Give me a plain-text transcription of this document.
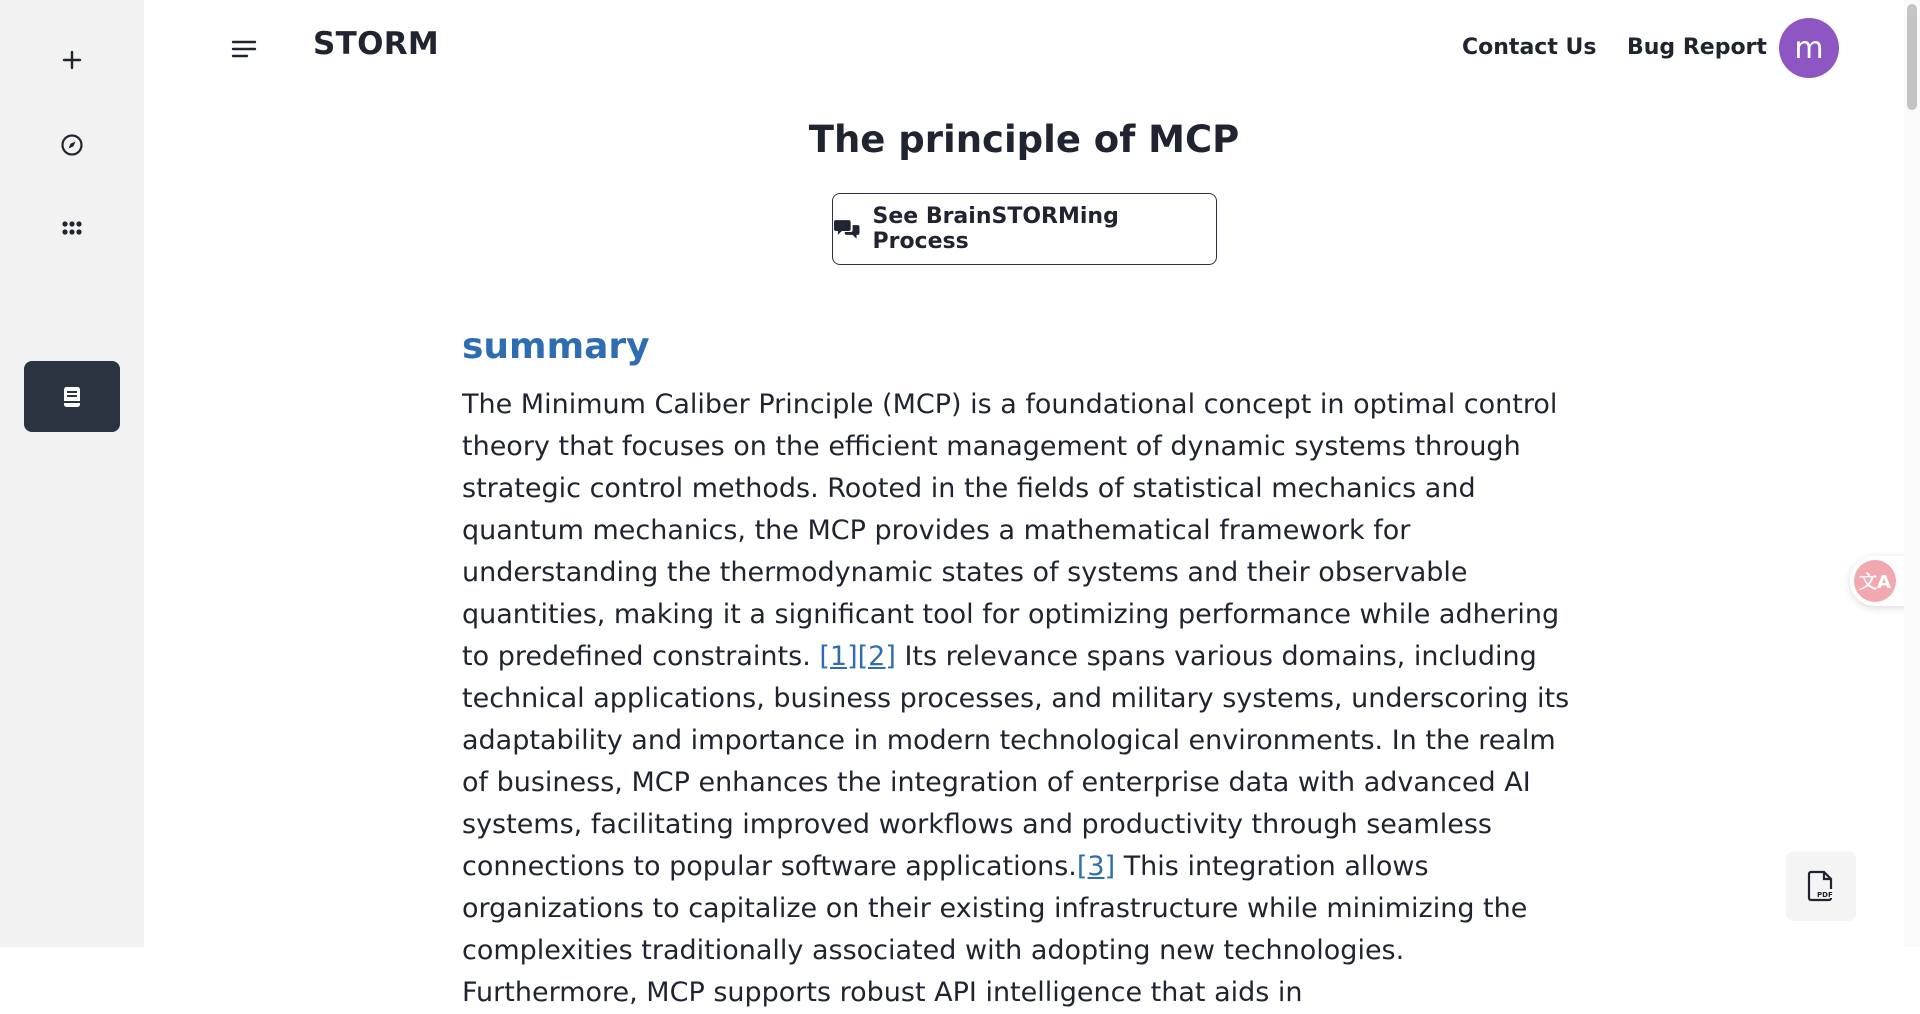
STORM	Contact Us Bug Report m
The principle of MCP
See BrainSTORMing Process
summary
The Minimum Caliber Principle (MCP) is a foundational concept in optimal control theory that focuses on the efficient management of dynamic systems through strategic control methods. Rooted in the fields of statistical mechanics and quantum mechanics, the MCP provides a mathematical framework for understanding the thermodynamic states of systems and their observable quantities, making it a significant tool for optimizing performance while adhering to predefined constraints. [1][2] Its relevance spans various domains, including technical applications, business processes, and military systems, underscoring its adaptability and importance in modern technological environments. In the realm of business, MCP enhances the integration of enterprise data with advanced AI systems, facilitating improved workflows and productivity through seamless connections to popular software applications.[3] This integration allows organizations to capitalize on their existing infrastructure while minimizing the complexities traditionally associated with adopting new technologies. Furthermore, MCP supports robust API intelligence that aids in
文A
PDF
